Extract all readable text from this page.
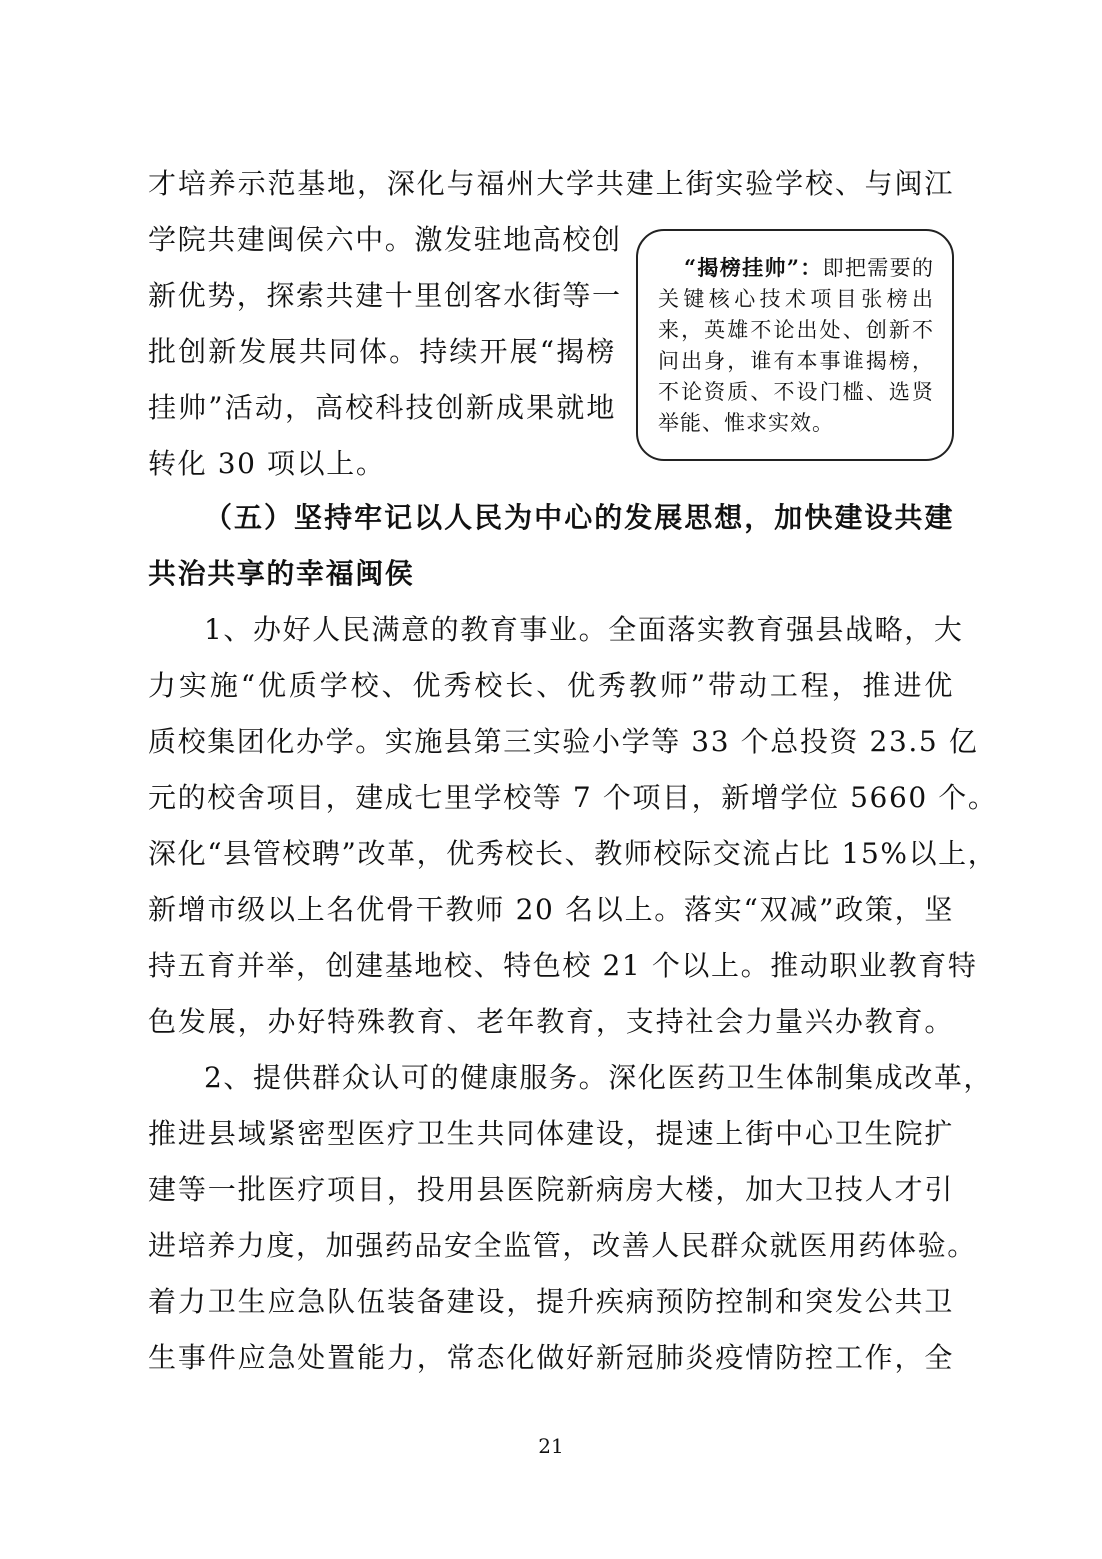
才培养示范基地，深化与福州大学共建上街实验学校、与闽江
学院共建闽侯六中。激发驻地高校创
新优势，探索共建十里创客水街等一
批创新发展共同体。持续开展“揭榜
挂帅”活动，高校科技创新成果就地
转化 30 项以上。
“揭榜挂帅”：即把需要的
关键核心技术项目张榜出
来，英雄不论出处、创新不
问出身，谁有本事谁揭榜，
不论资质、不设门槛、选贤
举能、惟求实效。
（五）坚持牢记以人民为中心的发展思想，加快建设共建
共治共享的幸福闽侯
1、办好人民满意的教育事业。全面落实教育强县战略，大
力实施“优质学校、优秀校长、优秀教师”带动工程，推进优
质校集团化办学。实施县第三实验小学等 33 个总投资 23.5 亿
元的校舍项目，建成七里学校等 7 个项目，新增学位 5660 个。
深化“县管校聘”改革，优秀校长、教师校际交流占比 15%以上，
新增市级以上名优骨干教师 20 名以上。落实“双减”政策，坚
持五育并举，创建基地校、特色校 21 个以上。推动职业教育特
色发展，办好特殊教育、老年教育，支持社会力量兴办教育。
2、提供群众认可的健康服务。深化医药卫生体制集成改革，
推进县域紧密型医疗卫生共同体建设，提速上街中心卫生院扩
建等一批医疗项目，投用县医院新病房大楼，加大卫技人才引
进培养力度，加强药品安全监管，改善人民群众就医用药体验。
着力卫生应急队伍装备建设，提升疾病预防控制和突发公共卫
生事件应急处置能力，常态化做好新冠肺炎疫情防控工作，全
21
